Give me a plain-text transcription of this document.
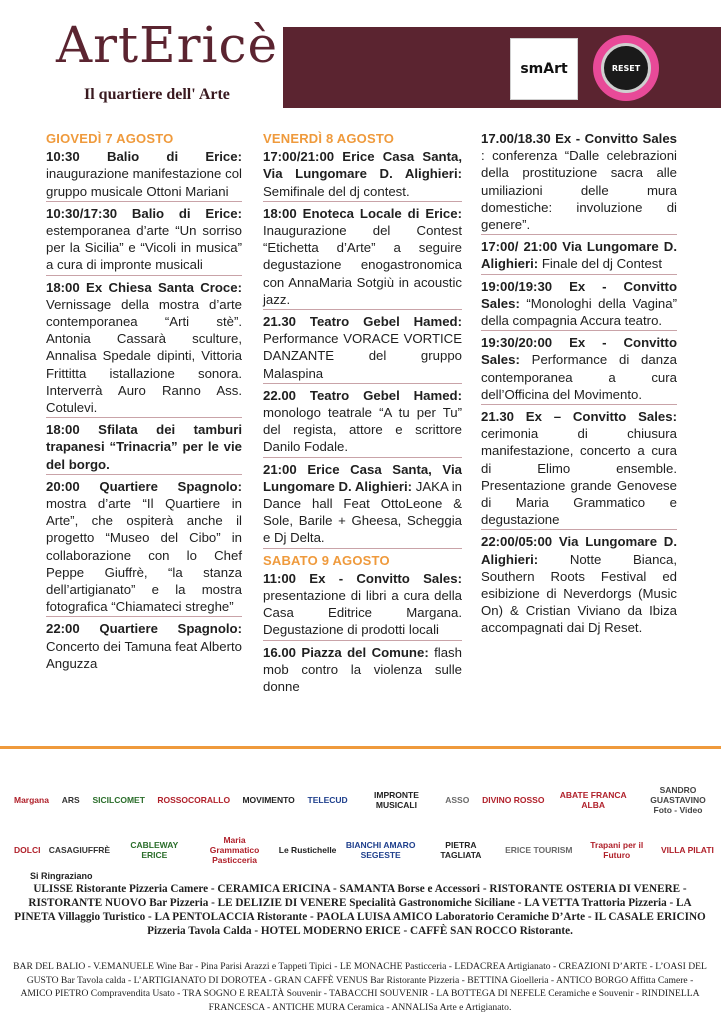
ArtEricè
Il quartiere dell' Arte
smArt	RESET
GIOVEDÌ 7 AGOSTO
10:30 Balio di Erice: inaugurazione manifestazione col gruppo musicale Ottoni Mariani
10:30/17:30 Balio di Erice: estemporanea d’arte “Un sorriso per la Sicilia” e “Vicoli in musica” a cura di impronte musicali
18:00 Ex Chiesa Santa Croce: Vernissage della mostra d’arte contemporanea “Arti stè”. Antonia Cassarà sculture, Annalisa Spedale dipinti, Vittoria Frittitta istallazione sonora. Interverrà Auro Ranno Ass. Cotulevi.
18:00 Sfilata dei tamburi trapanesi “Trinacria” per le vie del borgo.
20:00 Quartiere Spagnolo: mostra d’arte “Il Quartiere in Arte”, che ospiterà anche il progetto “Museo del Cibo” in collaborazione con lo Chef Peppe Giuffrè, “la stanza dell’artigianato” e la mostra fotografica “Chiamateci streghe”
22:00 Quartiere Spagnolo: Concerto dei Tamuna feat Alberto Anguzza
VENERDÌ 8 AGOSTO
17:00/21:00 Erice Casa Santa, Via Lungomare D. Alighieri: Semifinale del dj contest.
18:00 Enoteca Locale di Erice: Inaugurazione del Contest “Etichetta d’Arte” a seguire degustazione enogastronomica con AnnaMaria Sotgiù in acoustic jazz.
21.30 Teatro Gebel Hamed: Performance VORACE VORTICE DANZANTE del gruppo Malaspina
22.00 Teatro Gebel Hamed: monologo teatrale “A tu per Tu” del regista, attore e scrittore Danilo Fodale.
21:00 Erice Casa Santa, Via Lungomare D. Alighieri: JAKA in Dance hall Feat OttoLeone & Sole, Barile + Gheesa, Scheggia e Dj Delta.
SABATO 9 AGOSTO
11:00 Ex - Convitto Sales: presentazione di libri a cura della Casa Editrice Margana. Degustazione di prodotti locali
16.00 Piazza del Comune: flash mob contro la violenza sulle donne
17.00/18.30 Ex - Convitto Sales : conferenza “Dalle celebrazioni della prostituzione sacra alle umiliazioni delle mura domestiche: involuzione di genere”.
17:00/ 21:00 Via Lungomare D. Alighieri: Finale del dj Contest
19:00/19:30 Ex - Convitto Sales: “Monologhi della Vagina” della compagnia Accura teatro.
19:30/20:00 Ex - Convitto Sales: Performance di danza contemporanea a cura dell’Officina del Movimento.
21.30 Ex – Convitto Sales: cerimonia di chiusura manifestazione, concerto a cura di Elimo ensemble. Presentazione grande Genovese di Maria Grammatico e degustazione
22:00/05:00 Via Lungomare D. Alighieri: Notte Bianca, Southern Roots Festival ed esibizione di Neverdorgs (Music On) & Cristian Viviano da Ibiza accompagnati dai Dj Reset.
Margana ARS SICILCOMET ROSSOCORALLO MOVIMENTO TELECUD	IMPRONTE MUSICALI	ASSO DIVINO ROSSO ABATE FRANCA ALBA
SANDRO GUASTAVINO Foto - Video
DOLCI CASAGIUFFRÈ	CABLEWAY ERICE
Maria Grammatico Pasticceria
Le Rustichelle BIANCHI AMARO SEGESTE
PIETRA TAGLIATA	ERICE TOURISM	Trapani per il Futuro	VILLA PILATI
Si Ringraziano
ULISSE Ristorante Pizzeria Camere - CERAMICA ERICINA - SAMANTA Borse e Accessori - RISTORANTE OSTERIA DI VENERE - RISTORANTE NUOVO Bar Pizzeria - LE DELIZIE DI VENERE Specialità Gastronomiche Siciliane - LA VETTA Trattoria Pizzeria - LA PINETA Villaggio Turistico - LA PENTOLACCIA Ristorante - PAOLA LUISA AMICO Laboratorio Ceramiche D’Arte - IL CASALE ERICINO Pizzeria Tavola Calda - HOTEL MODERNO ERICE - CAFFÈ SAN ROCCO Ristorante.
BAR DEL BALIO - V.EMANUELE Wine Bar - Pina Parisi Arazzi e Tappeti Tipici - LE MONACHE Pasticceria - LEDACREA Artigianato - CREAZIONI D’ARTE - L’OASI DEL GUSTO Bar Tavola calda - L’ARTIGIANATO DI DOROTEA - GRAN CAFFÈ VENUS Bar Ristorante Pizzeria - BETTINA Gioelleria - ANTICO BORGO Affitta Camere - AMICO PIETRO Compravendita Usato - TRA SOGNO E REALTÀ Souvenir - TABACCHI SOUVENIR - LA BOTTEGA DI NEFELE Ceramiche e Souvenir - RINDINELLA FRANCESCA - ANTICHE MURA Ceramica - ANNALISa Arte e Artigianato.
